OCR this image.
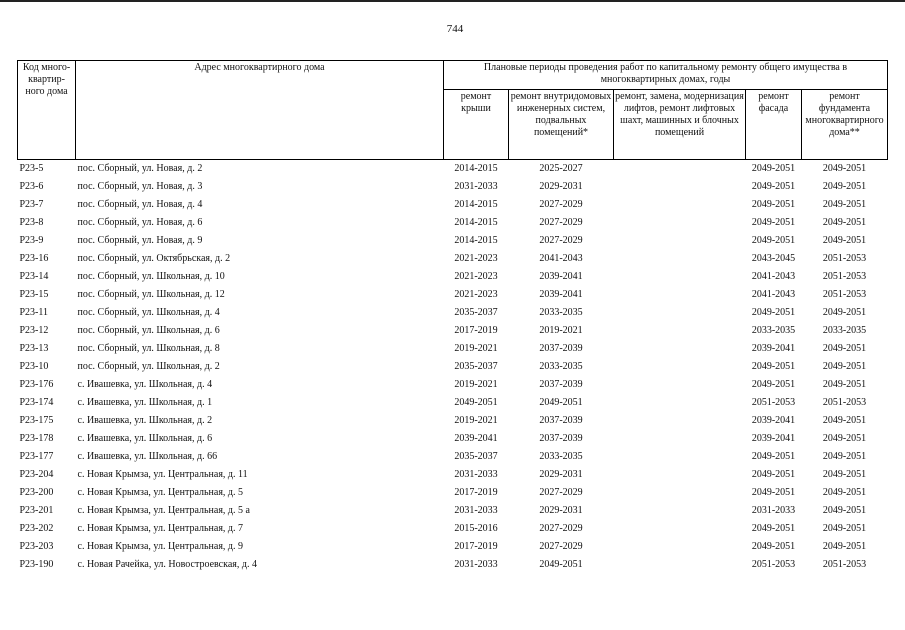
744
Код много-квартир-ного дома	Адрес многоквартирного дома	Плановые периоды проведения работ по капитальному ремонту общего имущества в многоквартирных домах, годы				
		ремонт крыши	ремонт внутридомовых инженерных систем, подвальных помещений*	ремонт, замена, модернизация лифтов, ремонт лифтовых шахт, машинных и блочных помещений	ремонт фасада	ремонт фундамента многоквартирного дома**
P23-5	пос. Сборный, ул. Новая, д. 2	2014-2015	2025-2027		2049-2051	2049-2051
P23-6	пос. Сборный, ул. Новая, д. 3	2031-2033	2029-2031		2049-2051	2049-2051
P23-7	пос. Сборный, ул. Новая, д. 4	2014-2015	2027-2029		2049-2051	2049-2051
P23-8	пос. Сборный, ул. Новая, д. 6	2014-2015	2027-2029		2049-2051	2049-2051
P23-9	пос. Сборный, ул. Новая, д. 9	2014-2015	2027-2029		2049-2051	2049-2051
P23-16	пос. Сборный, ул. Октябрьская, д. 2	2021-2023	2041-2043		2043-2045	2051-2053
P23-14	пос. Сборный, ул. Школьная, д. 10	2021-2023	2039-2041		2041-2043	2051-2053
P23-15	пос. Сборный, ул. Школьная, д. 12	2021-2023	2039-2041		2041-2043	2051-2053
P23-11	пос. Сборный, ул. Школьная, д. 4	2035-2037	2033-2035		2049-2051	2049-2051
P23-12	пос. Сборный, ул. Школьная, д. 6	2017-2019	2019-2021		2033-2035	2033-2035
P23-13	пос. Сборный, ул. Школьная, д. 8	2019-2021	2037-2039		2039-2041	2049-2051
P23-10	пос. Сборный, ул. Школьная, д. 2	2035-2037	2033-2035		2049-2051	2049-2051
P23-176	с. Ивашевка, ул. Школьная, д. 4	2019-2021	2037-2039		2049-2051	2049-2051
P23-174	с. Ивашевка, ул. Школьная, д. 1	2049-2051	2049-2051		2051-2053	2051-2053
P23-175	с. Ивашевка, ул. Школьная, д. 2	2019-2021	2037-2039		2039-2041	2049-2051
P23-178	с. Ивашевка, ул. Школьная, д. 6	2039-2041	2037-2039		2039-2041	2049-2051
P23-177	с. Ивашевка, ул. Школьная, д. 66	2035-2037	2033-2035		2049-2051	2049-2051
P23-204	с. Новая Крымза, ул. Центральная, д. 11	2031-2033	2029-2031		2049-2051	2049-2051
P23-200	с. Новая Крымза, ул. Центральная, д. 5	2017-2019	2027-2029		2049-2051	2049-2051
P23-201	с. Новая Крымза, ул. Центральная, д. 5 а	2031-2033	2029-2031		2031-2033	2049-2051
P23-202	с. Новая Крымза, ул. Центральная, д. 7	2015-2016	2027-2029		2049-2051	2049-2051
P23-203	с. Новая Крымза, ул. Центральная, д. 9	2017-2019	2027-2029		2049-2051	2049-2051
P23-190	с. Новая Рачейка, ул. Новостроевская, д. 4	2031-2033	2049-2051		2051-2053	2051-2053
